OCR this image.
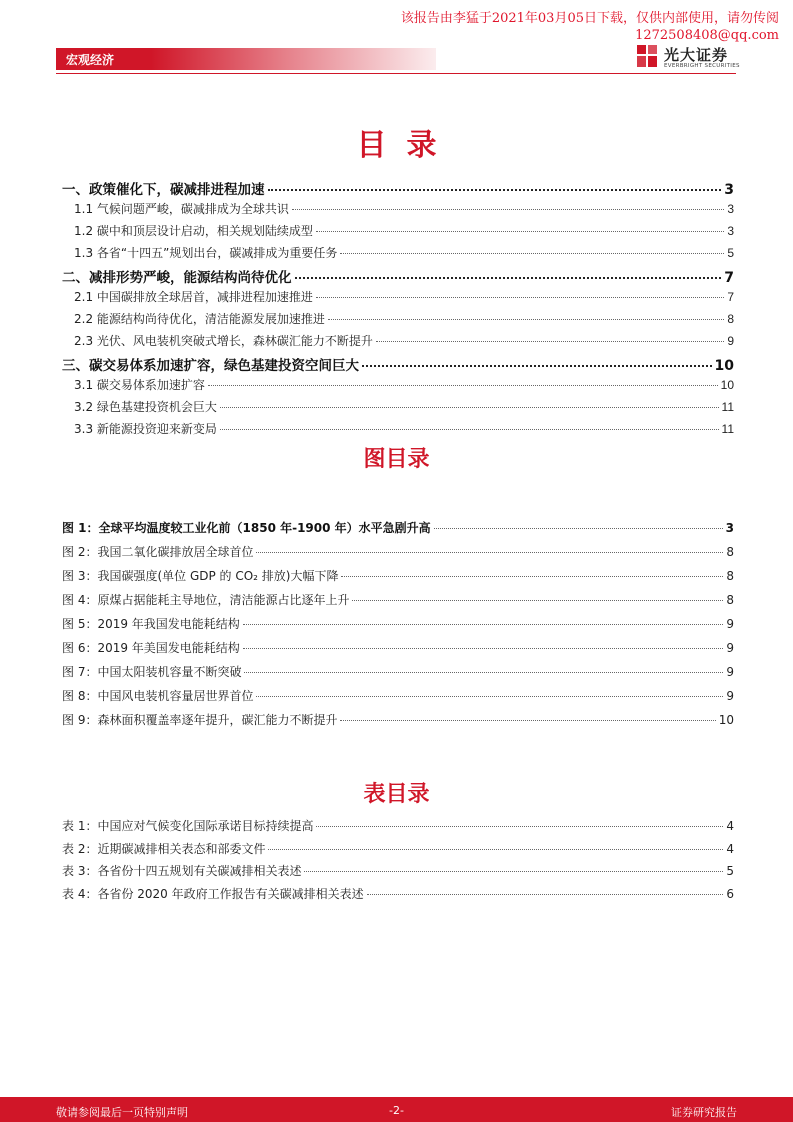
该报告由李猛于2021年03月05日下载，仅供内部使用，请勿传阅
1272508408@qq.com
宏观经济	光大证券
EVERBRIGHT SECURITIES
目录
一、政策催化下，碳减排进程加速	3
1.1 气候问题严峻，碳减排成为全球共识	3
1.2 碳中和顶层设计启动，相关规划陆续成型	3
1.3 各省“十四五”规划出台，碳减排成为重要任务	5
二、减排形势严峻，能源结构尚待优化	7
2.1 中国碳排放全球居首，减排进程加速推进	7
2.2 能源结构尚待优化，清洁能源发展加速推进	8
2.3 光伏、风电装机突破式增长，森林碳汇能力不断提升	9
三、碳交易体系加速扩容，绿色基建投资空间巨大	10
3.1 碳交易体系加速扩容	10
3.2 绿色基建投资机会巨大	11
3.3 新能源投资迎来新变局	11
图目录
图 1：全球平均温度较工业化前（1850 年-1900 年）水平急剧升高	3
图 2：我国二氧化碳排放居全球首位	8
图 3：我国碳强度(单位 GDP 的 CO₂ 排放)大幅下降	8
图 4：原煤占据能耗主导地位，清洁能源占比逐年上升	8
图 5：2019 年我国发电能耗结构	9
图 6：2019 年美国发电能耗结构	9
图 7：中国太阳装机容量不断突破	9
图 8：中国风电装机容量居世界首位	9
图 9：森林面积覆盖率逐年提升，碳汇能力不断提升	10
表目录
表 1：中国应对气候变化国际承诺目标持续提高	4
表 2：近期碳减排相关表态和部委文件	4
表 3：各省份十四五规划有关碳减排相关表述	5
表 4：各省份 2020 年政府工作报告有关碳减排相关表述	6
敬请参阅最后一页特别声明	-2-	证券研究报告
